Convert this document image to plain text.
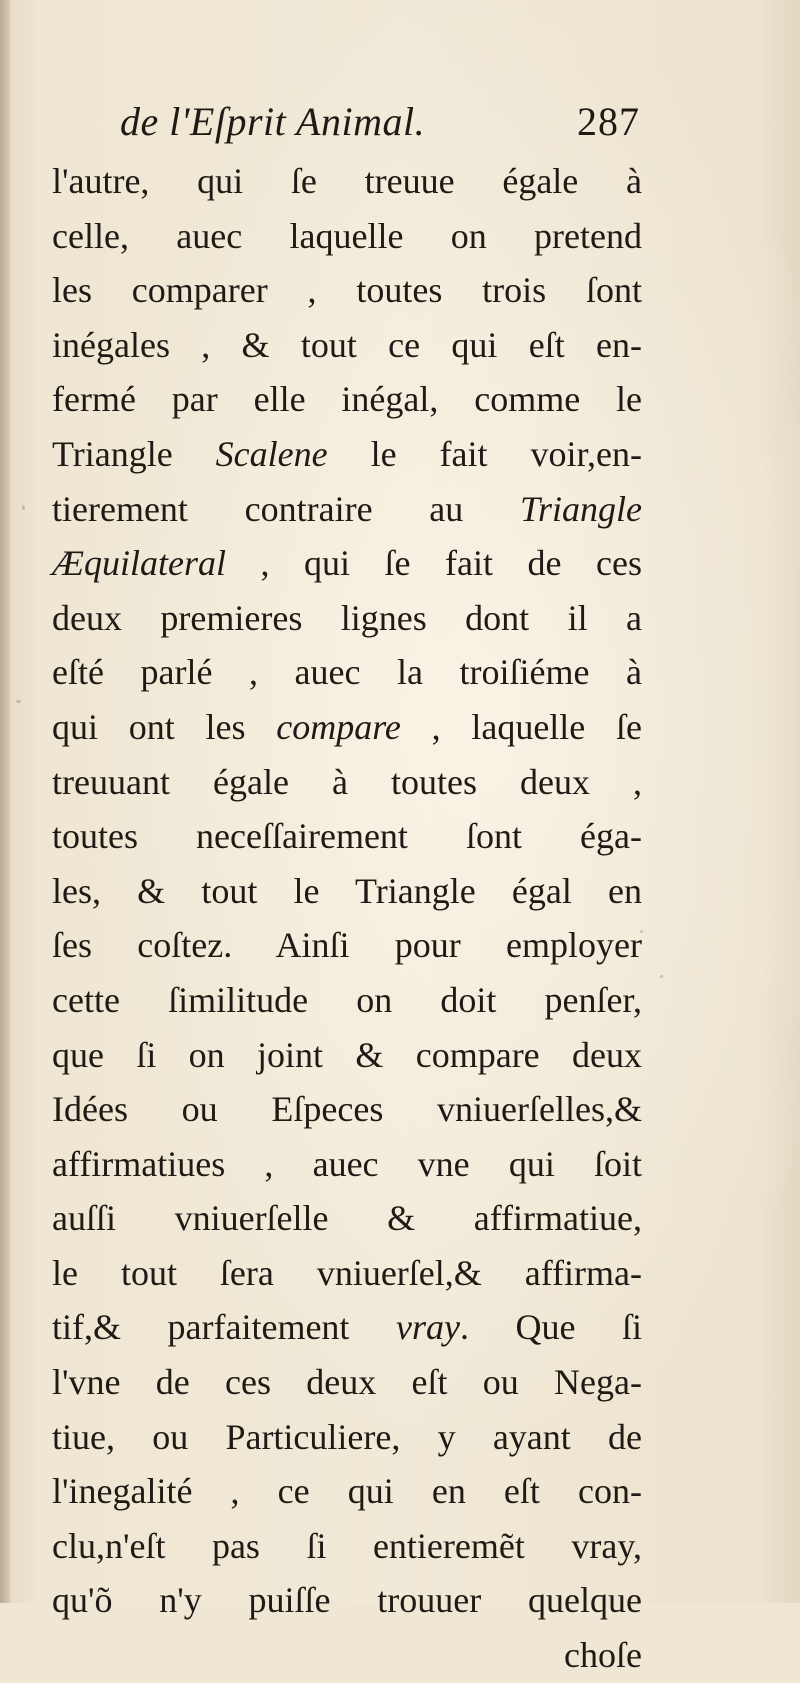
de l'Eſprit Animal.	287
l'autre, qui ſe treuue égale à
celle, auec laquelle on pretend
les comparer , toutes trois ſont
inégales , & tout ce qui eſt en-
fermé par elle inégal, comme le
Triangle Scalene le fait voir,en-
tierement contraire au Triangle
Æquilateral , qui ſe fait de ces
deux premieres lignes dont il a
eſté parlé , auec la troiſiéme à
qui ont les compare , laquelle ſe
treuuant égale à toutes deux ,
toutes neceſſairement ſont éga-
les, & tout le Triangle égal en
ſes coſtez. Ainſi pour employer
cette ſimilitude on doit penſer,
que ſi on joint & compare deux
Idées ou Eſpeces vniuerſelles,&
affirmatiues , auec vne qui ſoit
auſſi vniuerſelle & affirmatiue,
le tout ſera vniuerſel,& affirma-
tif,& parfaitement vray. Que ſi
l'vne de ces deux eſt ou Nega-
tiue, ou Particuliere, y ayant de
l'inegalité , ce qui en eſt con-
clu,n'eſt pas ſi entieremẽt vray,
qu'õ n'y puiſſe trouuer quelque
choſe
